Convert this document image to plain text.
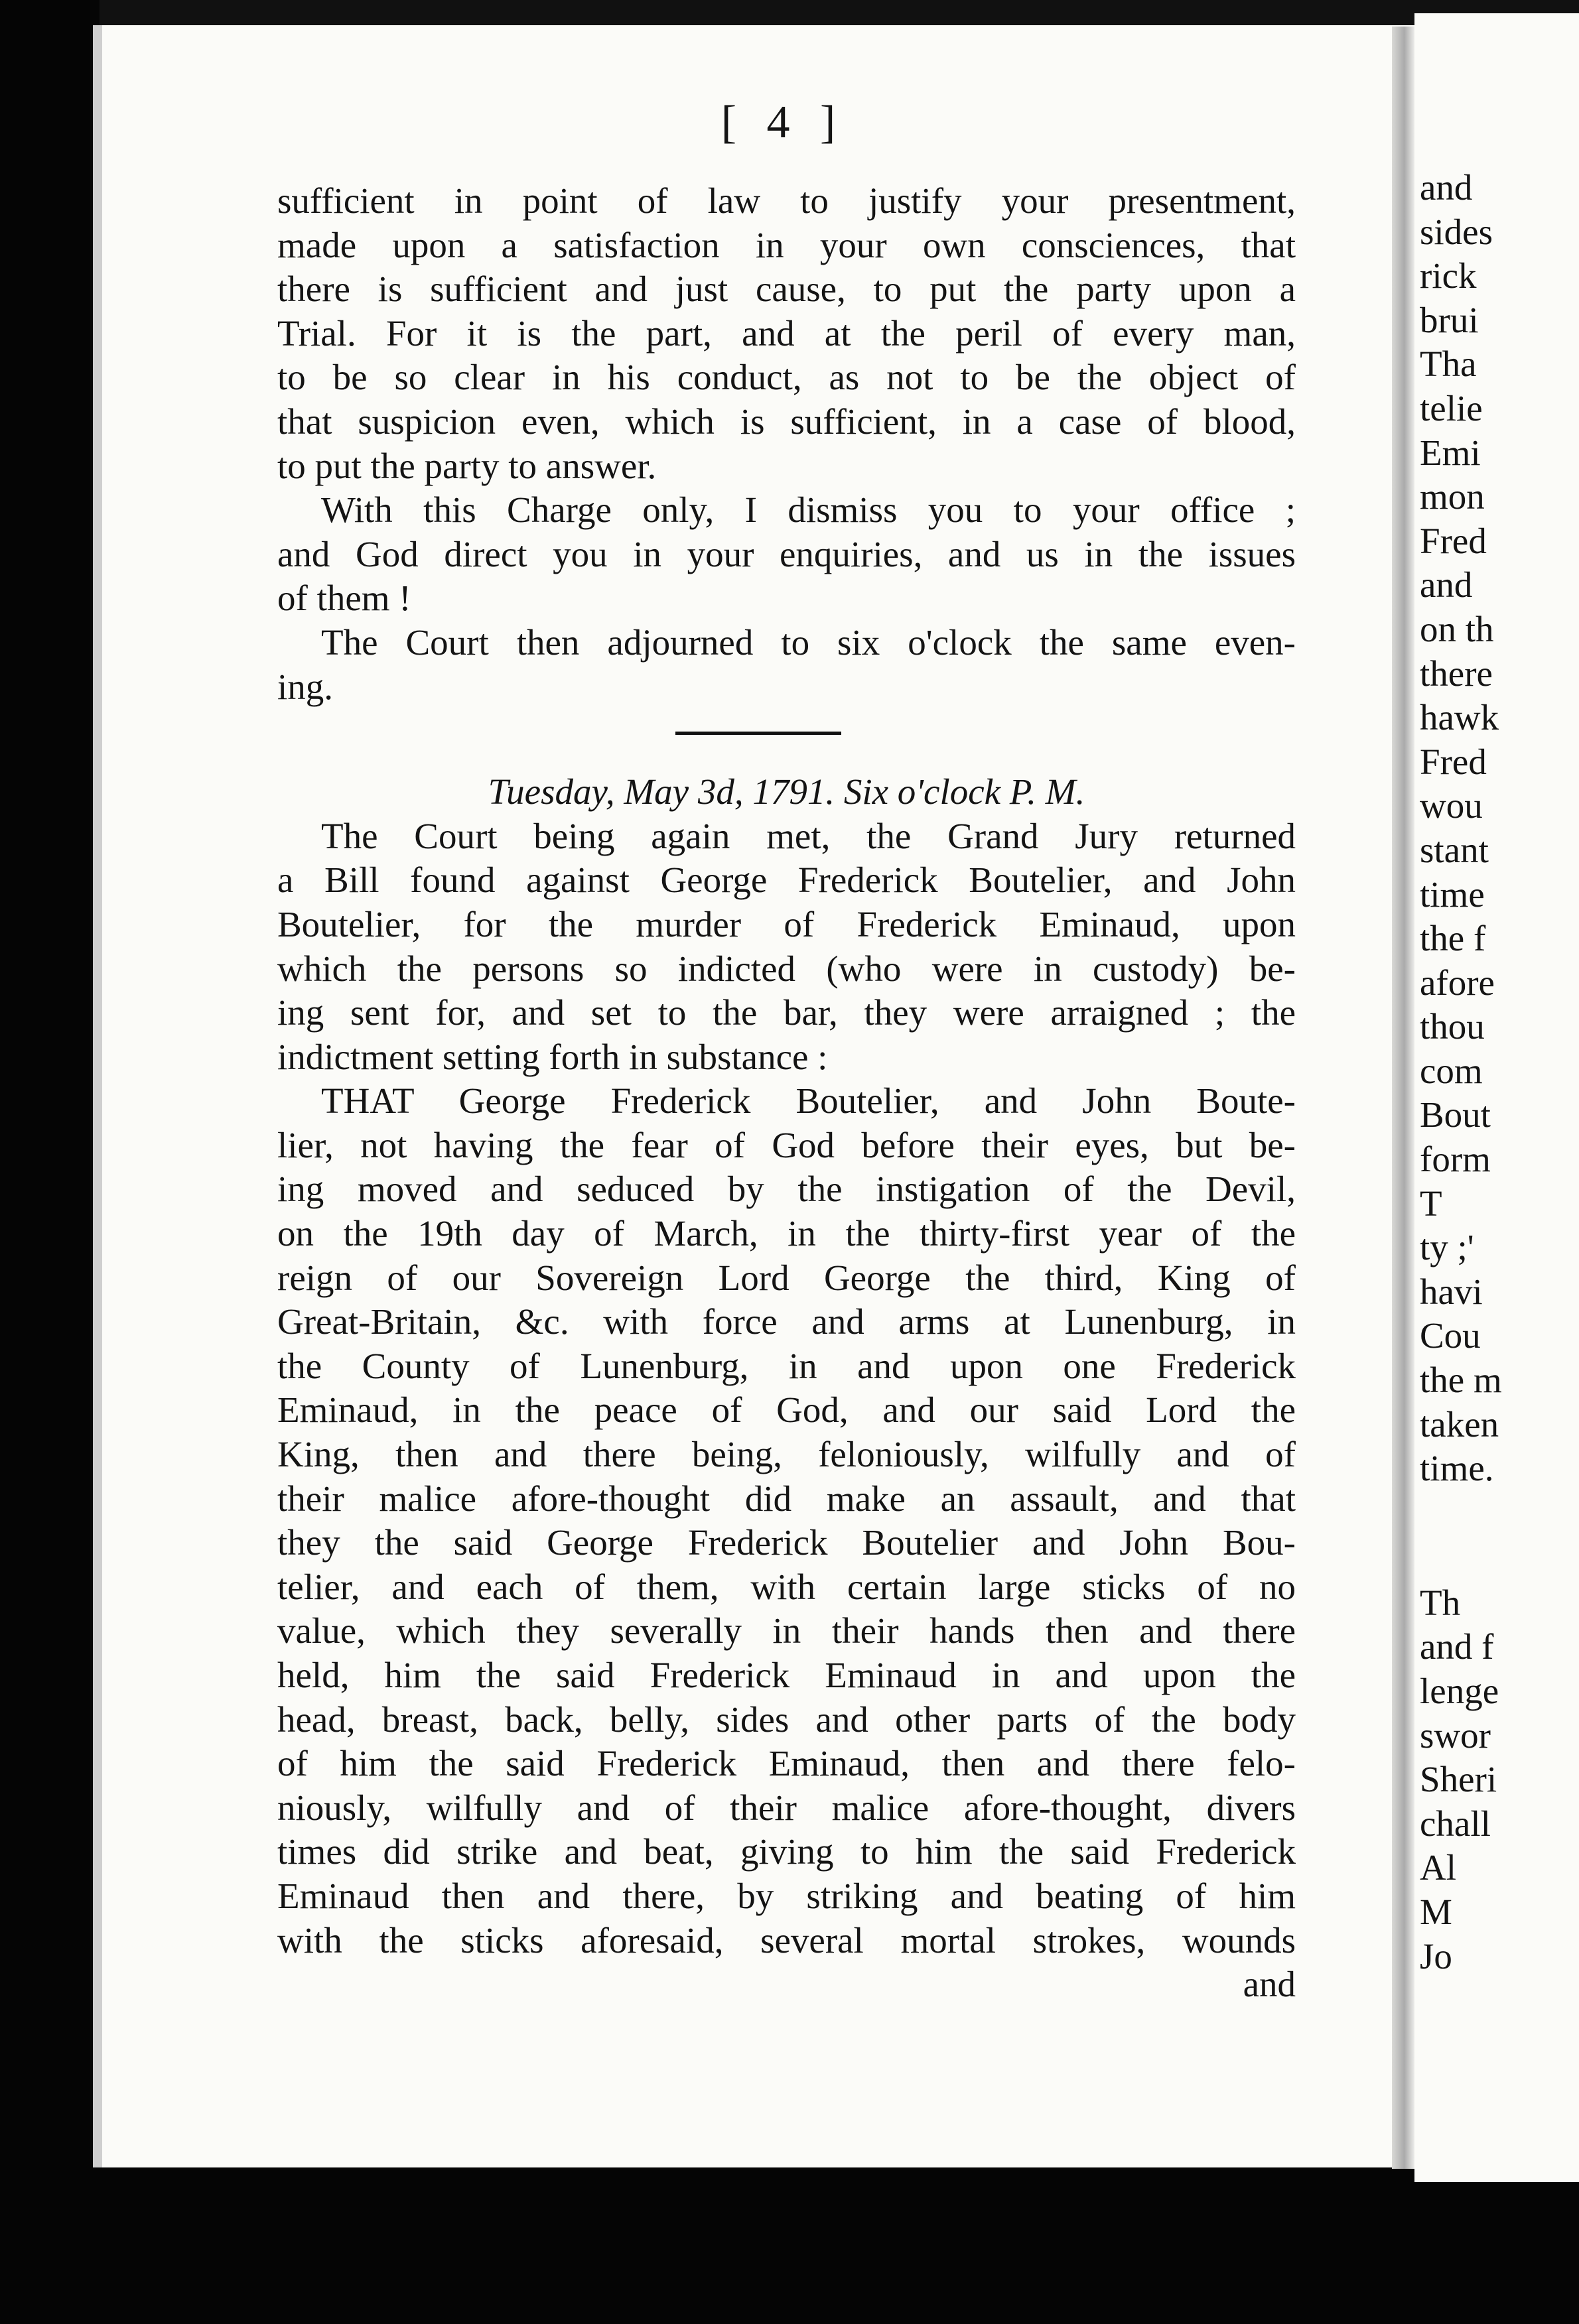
[ 4 ]
sufficient in point of law to justify your presentment,
made upon a satisfaction in your own consciences, that
there is sufficient and just cause, to put the party upon a
Trial. For it is the part, and at the peril of every man,
to be so clear in his conduct, as not to be the object of
that suspicion even, which is sufficient, in a case of blood,
to put the party to answer.
With this Charge only, I dismiss you to your office ;
and God direct you in your enquiries, and us in the issues
of them !
The Court then adjourned to six o'clock the same even-
ing.
Tuesday, May 3d, 1791. Six o'clock P. M.
The Court being again met, the Grand Jury returned
a Bill found against George Frederick Boutelier, and John
Boutelier, for the murder of Frederick Eminaud, upon
which the persons so indicted (who were in custody) be-
ing sent for, and set to the bar, they were arraigned ; the
indictment setting forth in substance :
THAT George Frederick Boutelier, and John Boute-
lier, not having the fear of God before their eyes, but be-
ing moved and seduced by the instigation of the Devil,
on the 19th day of March, in the thirty-first year of the
reign of our Sovereign Lord George the third, King of
Great-Britain, &c. with force and arms at Lunenburg, in
the County of Lunenburg, in and upon one Frederick
Eminaud, in the peace of God, and our said Lord the
King, then and there being, feloniously, wilfully and of
their malice afore-thought did make an assault, and that
they the said George Frederick Boutelier and John Bou-
telier, and each of them, with certain large sticks of no
value, which they severally in their hands then and there
held, him the said Frederick Eminaud in and upon the
head, breast, back, belly, sides and other parts of the body
of him the said Frederick Eminaud, then and there felo-
niously, wilfully and of their malice afore-thought, divers
times did strike and beat, giving to him the said Frederick
Eminaud then and there, by striking and beating of him
with the sticks aforesaid, several mortal strokes, wounds
and
and
sides
rick
brui
Tha
telie
Emi
mon
Fred
and
on th
there
hawk
Fred
wou
stant
time
the f
afore
thou
com
Bout
form
T
ty ;'
havi
Cou
the m
taken
time.
Th
and f
lenge
swor
Sheri
chall
Al
M
Jo
